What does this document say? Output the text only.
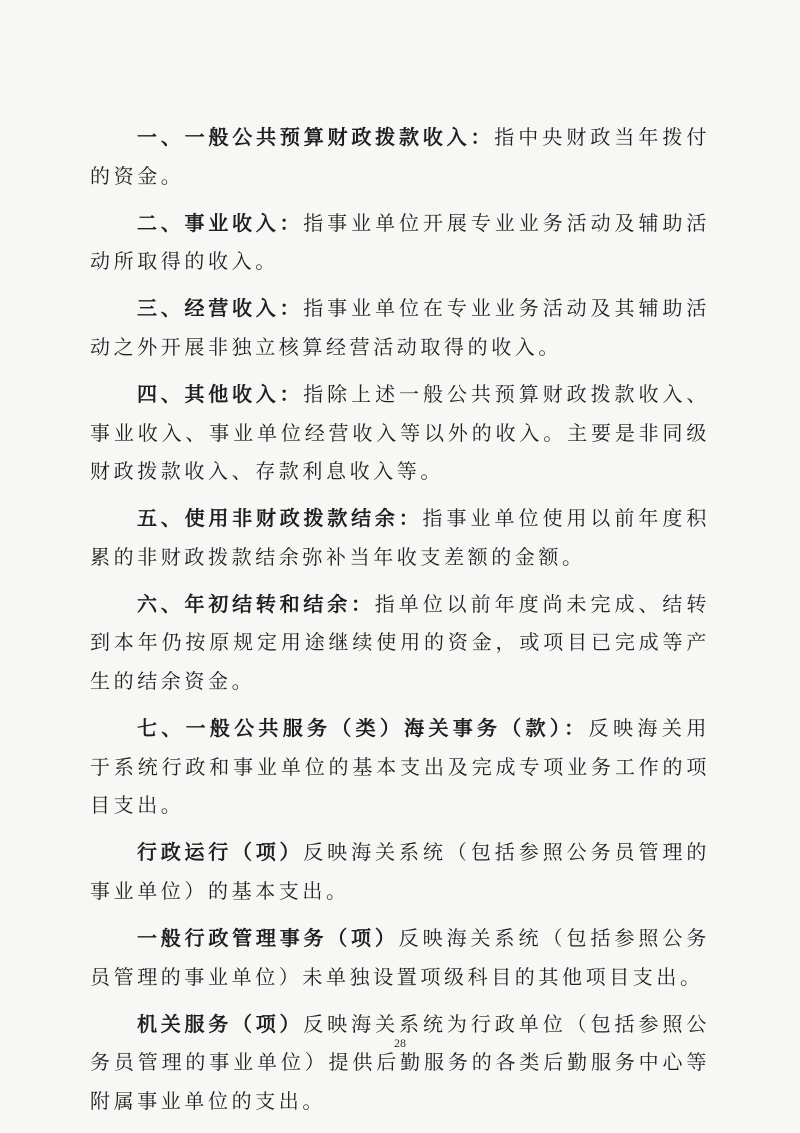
一、一般公共预算财政拨款收入：指中央财政当年拨付的资金。

二、事业收入：指事业单位开展专业业务活动及辅助活动所取得的收入。

三、经营收入：指事业单位在专业业务活动及其辅助活动之外开展非独立核算经营活动取得的收入。

四、其他收入：指除上述一般公共预算财政拨款收入、事业收入、事业单位经营收入等以外的收入。主要是非同级财政拨款收入、存款利息收入等。

五、使用非财政拨款结余：指事业单位使用以前年度积累的非财政拨款结余弥补当年收支差额的金额。

六、年初结转和结余：指单位以前年度尚未完成、结转到本年仍按原规定用途继续使用的资金，或项目已完成等产生的结余资金。

七、一般公共服务（类）海关事务（款）：反映海关用于系统行政和事业单位的基本支出及完成专项业务工作的项目支出。

行政运行（项）反映海关系统（包括参照公务员管理的事业单位）的基本支出。

一般行政管理事务（项）反映海关系统（包括参照公务员管理的事业单位）未单独设置项级科目的其他项目支出。

机关服务（项）反映海关系统为行政单位（包括参照公务员管理的事业单位）提供后勤服务的各类后勤服务中心等附属事业单位的支出。

28
